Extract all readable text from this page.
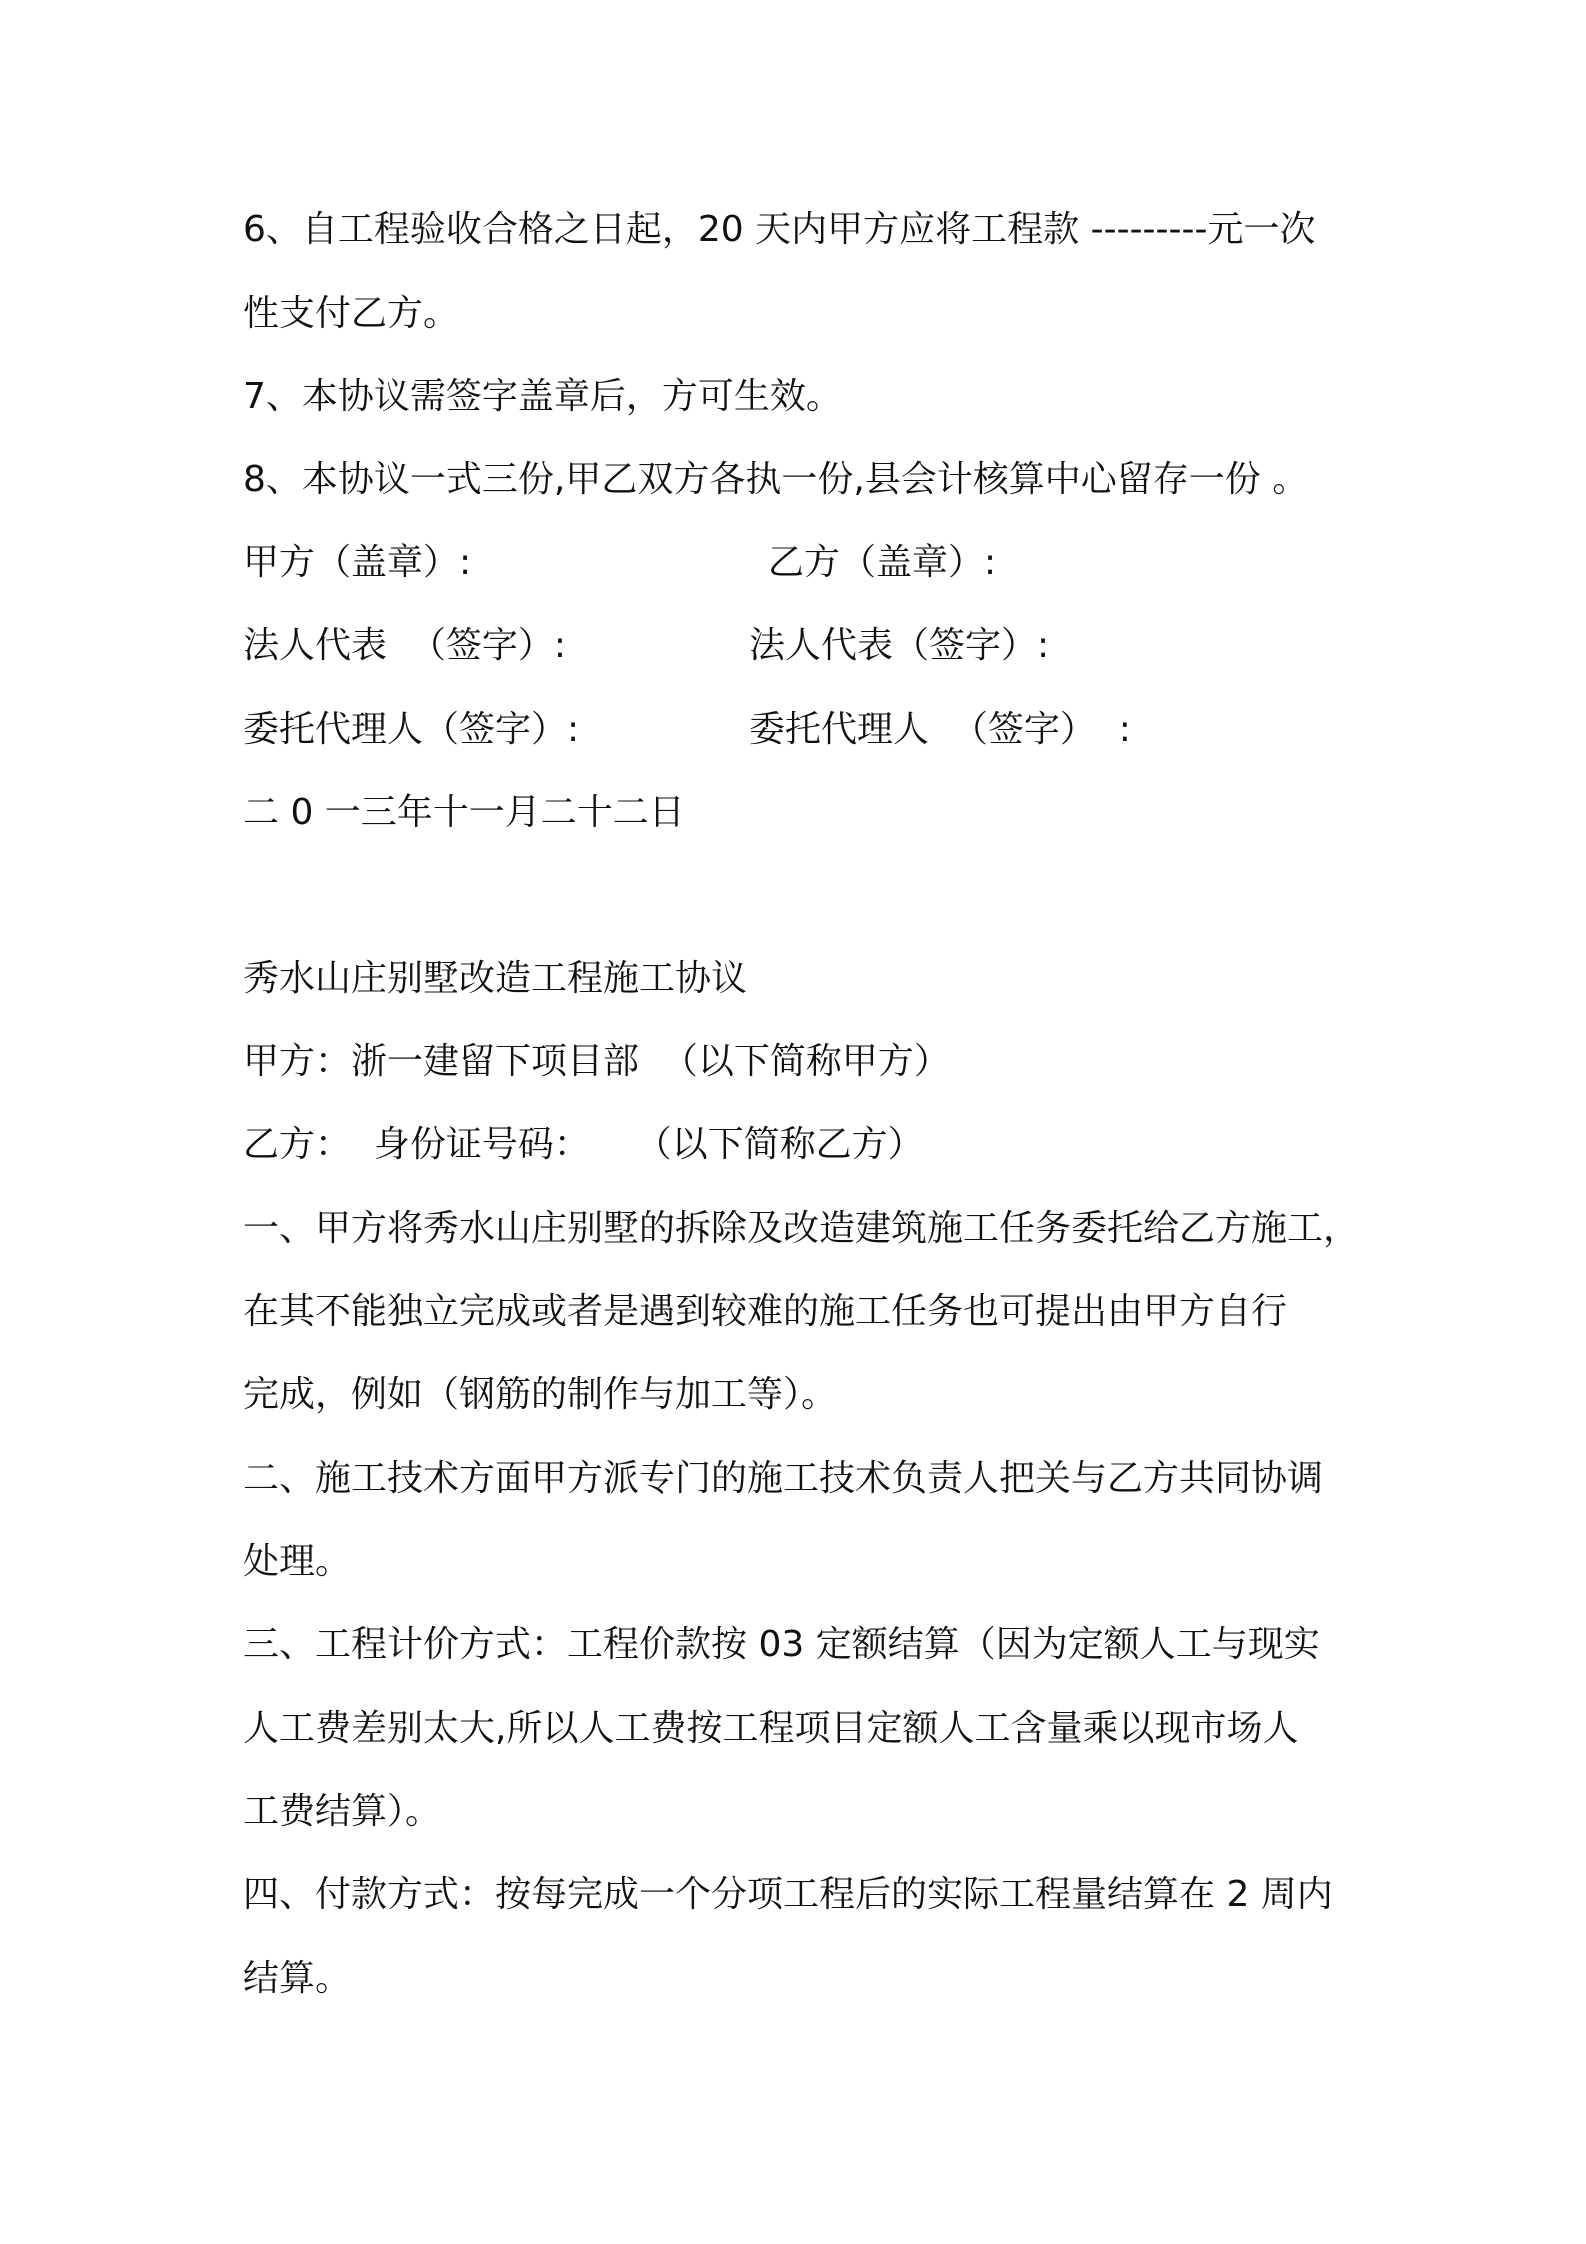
6、自工程验收合格之日起，20 天内甲方应将工程款 ---------元一次
性支付乙方。
7、本协议需签字盖章后，方可生效。
8、本协议一式三份,甲乙双方各执一份,县会计核算中心留存一份 。
甲方（盖章）:	乙方（盖章）:
法人代表  （签字）:	法人代表（签字）:
委托代理人（签字）:	委托代理人  （签字）  :
二 0 一三年十一月二十二日
秀水山庄别墅改造工程施工协议
甲方：浙一建留下项目部  （以下简称甲方）
乙方：  身份证号码：    （以下简称乙方）
一、甲方将秀水山庄别墅的拆除及改造建筑施工任务委托给乙方施工，
在其不能独立完成或者是遇到较难的施工任务也可提出由甲方自行
完成，例如（钢筋的制作与加工等）。
二、施工技术方面甲方派专门的施工技术负责人把关与乙方共同协调
处理。
三、工程计价方式：工程价款按 03 定额结算（因为定额人工与现实
人工费差别太大,所以人工费按工程项目定额人工含量乘以现市场人
工费结算）。
四、付款方式：按每完成一个分项工程后的实际工程量结算在 2 周内
结算。
